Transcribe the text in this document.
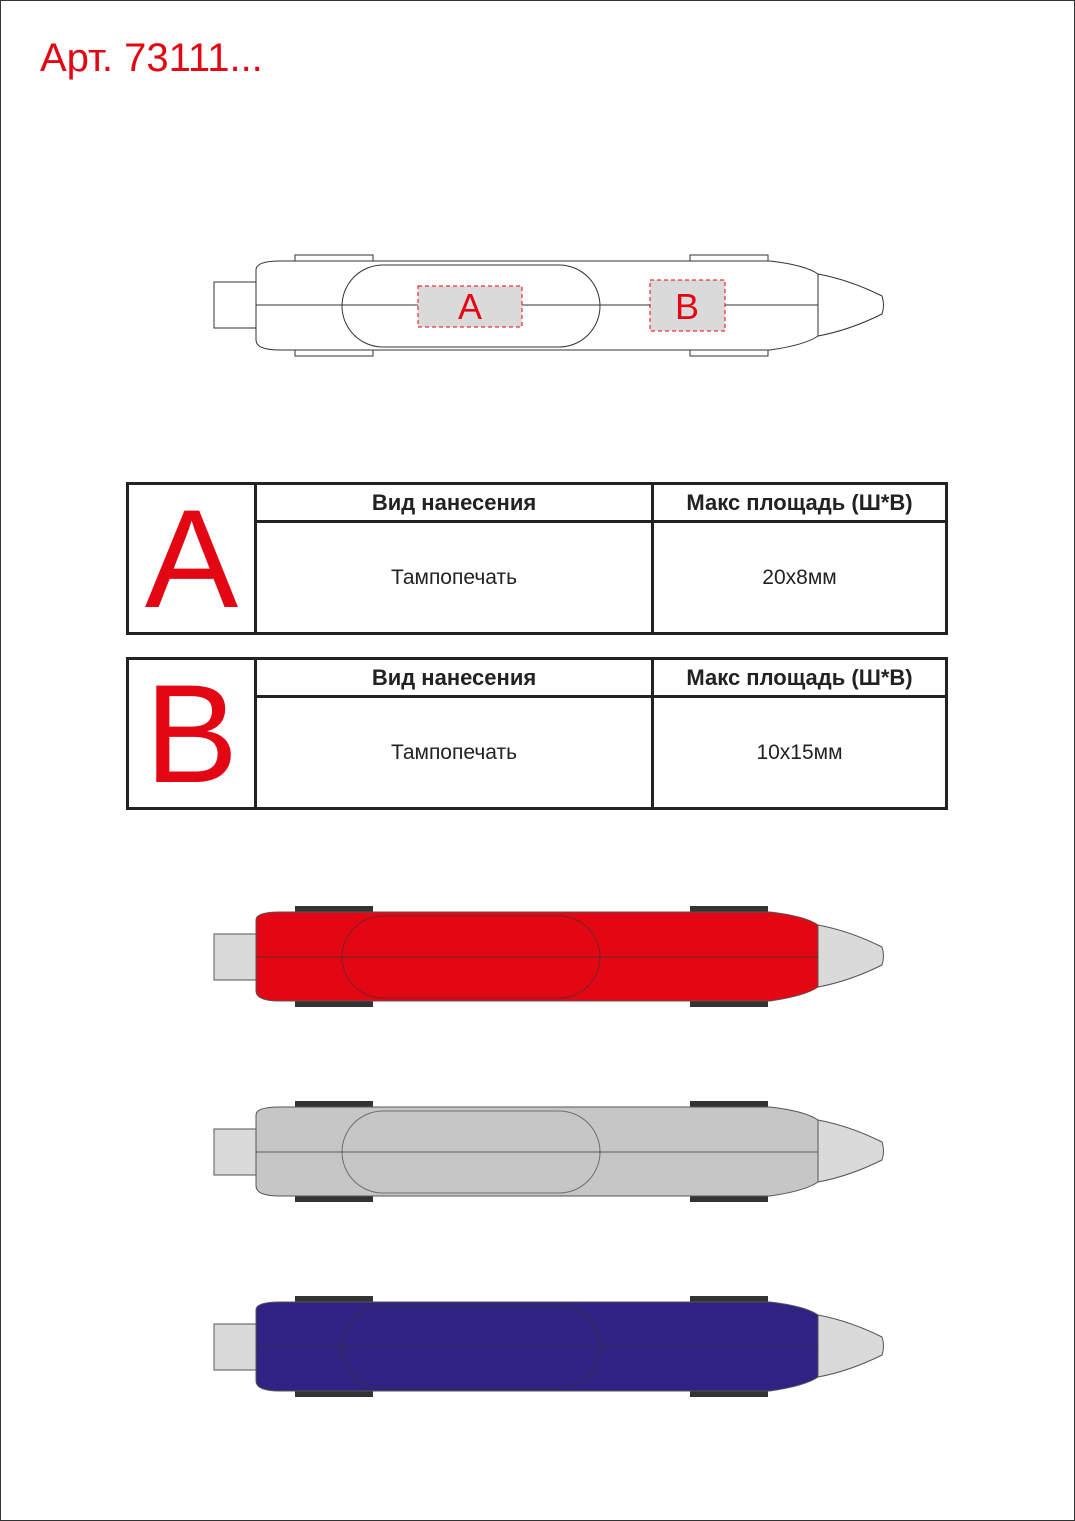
Арт. 73111...
A	B
A	Вид нанесения	Макс площадь (Ш*В)
Тампопечать	20х8мм
B	Вид нанесения	Макс площадь (Ш*В)
Тампопечать	10х15мм
